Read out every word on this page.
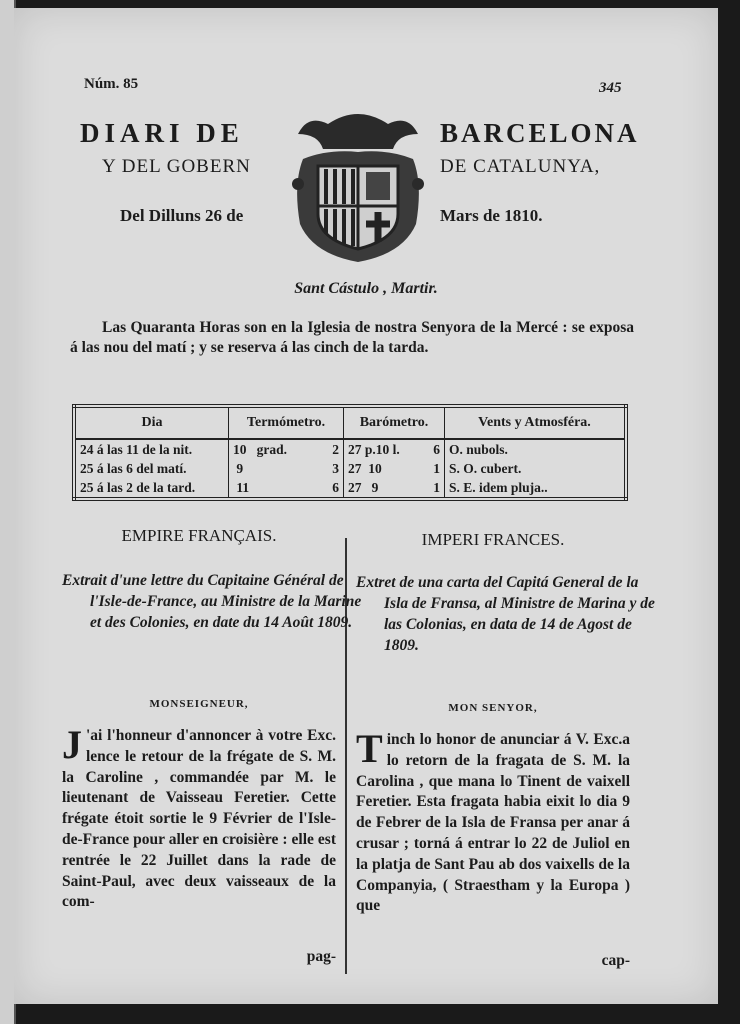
Núm. 85	345
DIARI DE	BARCELONA
Y DEL GOBERN	DE CATALUNYA,
Del Dilluns 26 de	Mars de 1810.
Sant Cástulo , Martir.
Las Quaranta Horas son en la Iglesia de nostra Senyora de la Mercé : se exposa á las nou del matí ; y se reserva á las cinch de la tarda.
Dia	Termómetro.	Barómetro.	Vents y Atmosféra.
24 á las 11 de la nit.	10 grad. 2	27 p.10 l. 6	O. nubols.
25 á las 6 del matí.	9 3	27  10 1	S. O. cubert.
25 á las 2 de la tard.	11 6	27   9 1	S. E. idem pluja..
EMPIRE FRANÇAIS.
Extrait d'une lettre du Capitaine Général de l'Isle-de-France, au Ministre de la Marine et des Colonies, en date du 14 Août 1809.
MONSEIGNEUR,
J 'ai l'honneur d'annoncer à votre Exc. lence le retour de la frégate de S. M. la Caroline , commandée par M. le lieutenant de Vaisseau Feretier. Cette frégate étoit sortie le 9 Février de l'Isle-de-France pour aller en croisière : elle est rentrée le 22 Juillet dans la rade de Saint-Paul, avec deux vaisseaux de la com-
pag-
IMPERI FRANCES.
Extret de una carta del Capitá General de la Isla de Fransa, al Ministre de Marina y de las Colonias, en data de 14 de Agost de 1809.
MON SENYOR,
Tinch lo honor de anunciar á V. Exc.a lo retorn de la fragata de S. M. la Carolina , que mana lo Tinent de vaixell Feretier. Esta fragata habia eixit lo dia 9 de Febrer de la Isla de Fransa per anar á crusar ; torná á entrar lo 22 de Juliol en la platja de Sant Pau ab dos vaixells de la Companyia, ( Straestham y la Europa ) que
cap-
